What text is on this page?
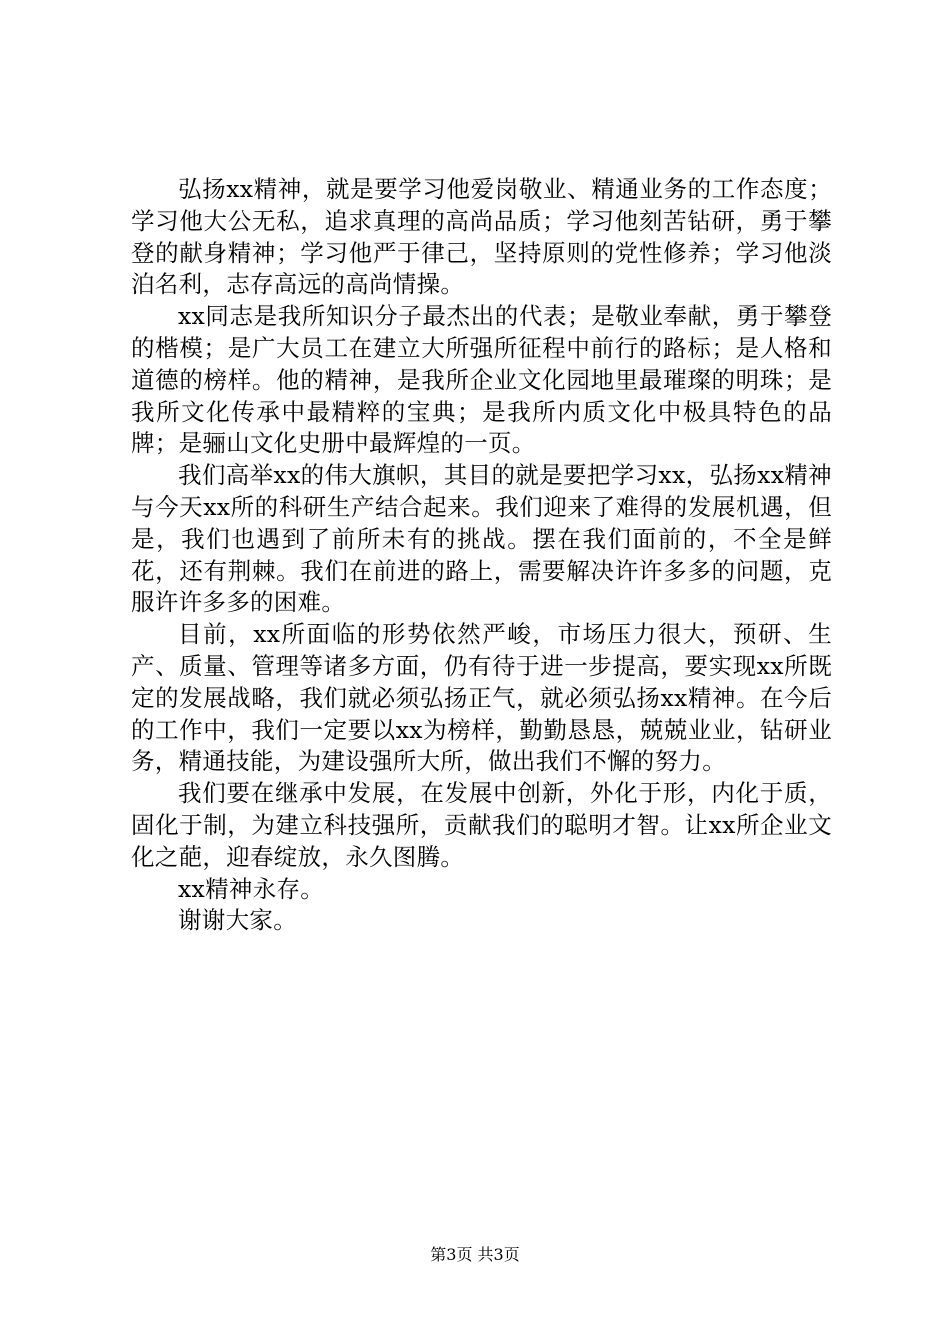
弘扬xx精神，就是要学习他爱岗敬业、精通业务的工作态度；学习他大公无私，追求真理的高尚品质；学习他刻苦钻研，勇于攀登的献身精神；学习他严于律己，坚持原则的党性修养；学习他淡泊名利，志存高远的高尚情操。

xx同志是我所知识分子最杰出的代表；是敬业奉献，勇于攀登的楷模；是广大员工在建立大所强所征程中前行的路标；是人格和道德的榜样。他的精神，是我所企业文化园地里最璀璨的明珠；是我所文化传承中最精粹的宝典；是我所内质文化中极具特色的品牌；是骊山文化史册中最辉煌的一页。

我们高举xx的伟大旗帜，其目的就是要把学习xx，弘扬xx精神与今天xx所的科研生产结合起来。我们迎来了难得的发展机遇，但是，我们也遇到了前所未有的挑战。摆在我们面前的，不全是鲜花，还有荆棘。我们在前进的路上，需要解决许许多多的问题，克服许许多多的困难。

目前，xx所面临的形势依然严峻，市场压力很大，预研、生产、质量、管理等诸多方面，仍有待于进一步提高，要实现xx所既定的发展战略，我们就必须弘扬正气，就必须弘扬xx精神。在今后的工作中，我们一定要以xx为榜样，勤勤恳恳，兢兢业业，钻研业务，精通技能，为建设强所大所，做出我们不懈的努力。

我们要在继承中发展，在发展中创新，外化于形，内化于质，固化于制，为建立科技强所，贡献我们的聪明才智。让xx所企业文化之葩，迎春绽放，永久图腾。

xx精神永存。

谢谢大家。

第3页 共3页
